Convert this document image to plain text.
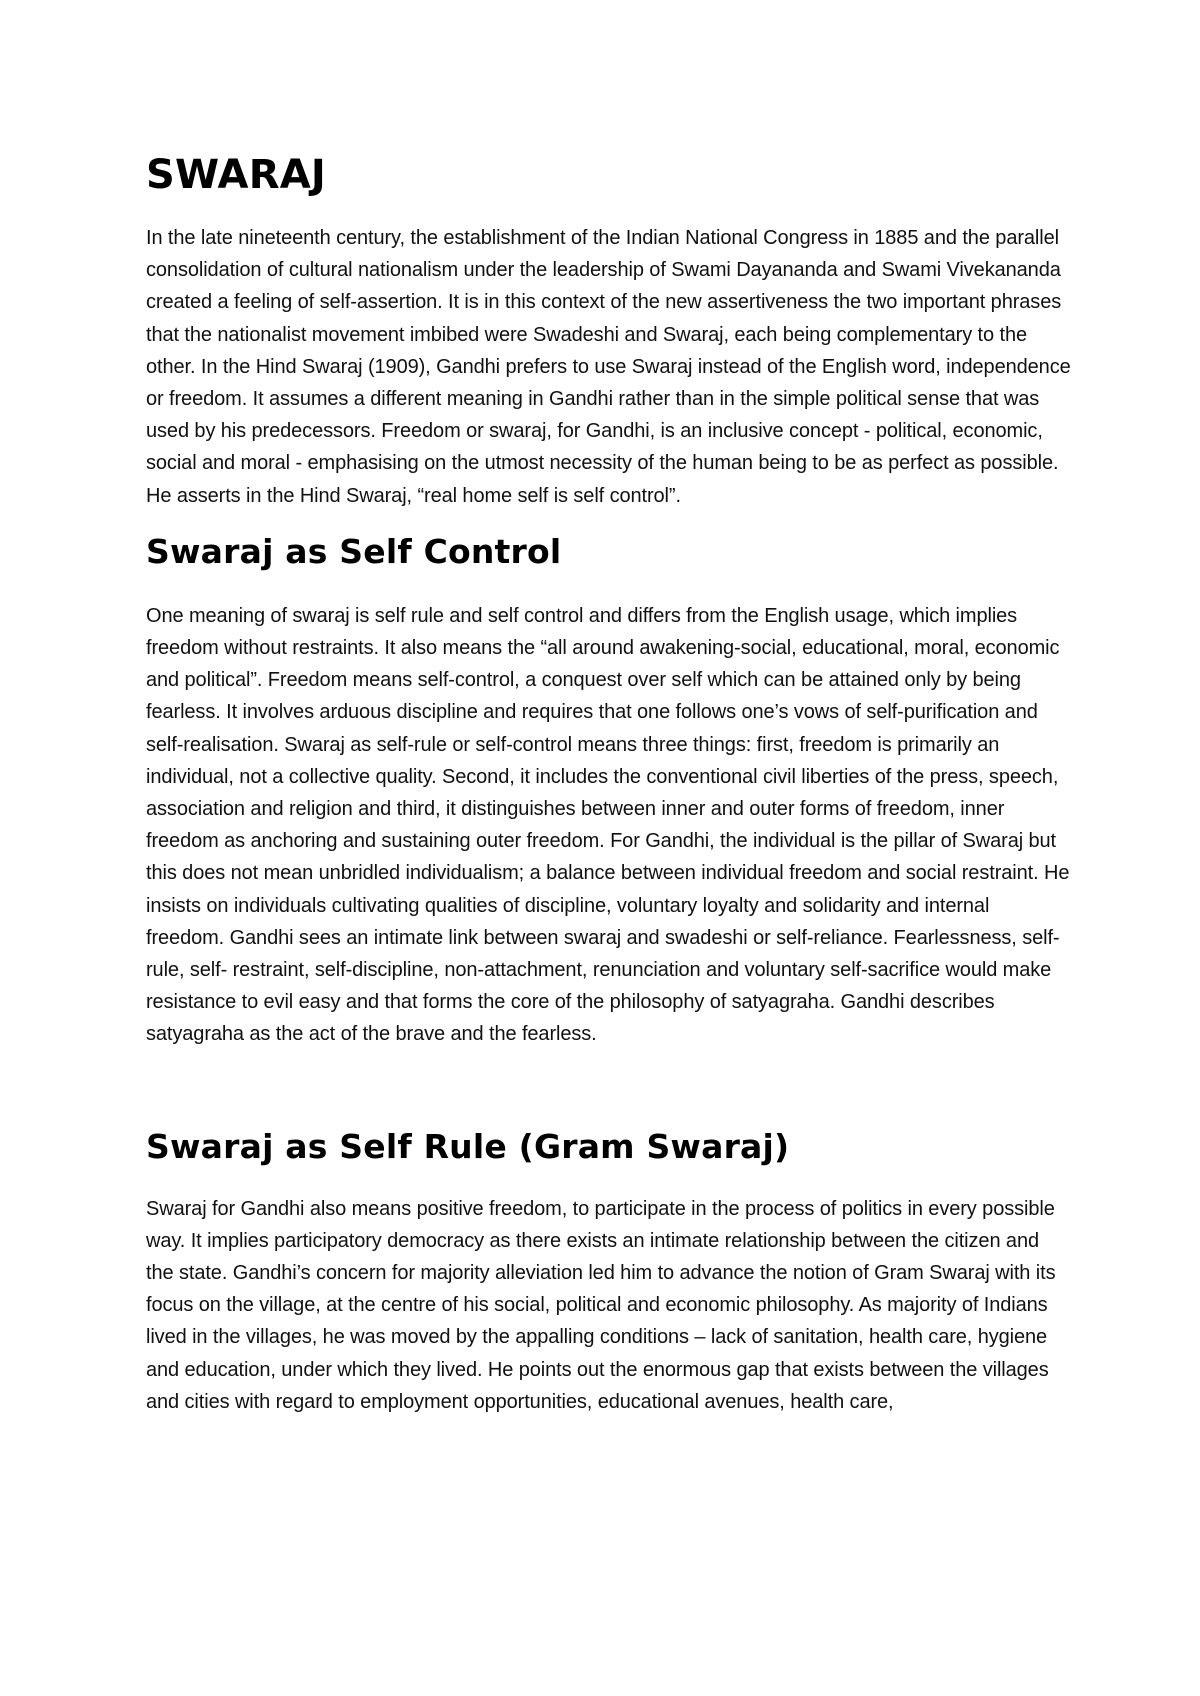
SWARAJ

In the late nineteenth century, the establishment of the Indian National Congress in 1885 and the parallel consolidation of cultural nationalism under the leadership of Swami Dayananda and Swami Vivekananda created a feeling of self-assertion. It is in this context of the new assertiveness the two important phrases that the nationalist movement imbibed were Swadeshi and Swaraj, each being complementary to the other. In the Hind Swaraj (1909), Gandhi prefers to use Swaraj instead of the English word, independence or freedom. It assumes a different meaning in Gandhi rather than in the simple political sense that was used by his predecessors. Freedom or swaraj, for Gandhi, is an inclusive concept - political, economic, social and moral - emphasising on the utmost necessity of the human being to be as perfect as possible. He asserts in the Hind Swaraj, “real home self is self control”.

Swaraj as Self Control

One meaning of swaraj is self rule and self control and differs from the English usage, which implies freedom without restraints. It also means the “all around awakening-social, educational, moral, economic and political”. Freedom means self-control, a conquest over self which can be attained only by being fearless. It involves arduous discipline and requires that one follows one’s vows of self-purification and self-realisation. Swaraj as self-rule or self-control means three things: first, freedom is primarily an individual, not a collective quality. Second, it includes the conventional civil liberties of the press, speech, association and religion and third, it distinguishes between inner and outer forms of freedom, inner freedom as anchoring and sustaining outer freedom. For Gandhi, the individual is the pillar of Swaraj but this does not mean unbridled individualism; a balance between individual freedom and social restraint. He insists on individuals cultivating qualities of discipline, voluntary loyalty and solidarity and internal freedom. Gandhi sees an intimate link between swaraj and swadeshi or self-reliance. Fearlessness, self-rule, self- restraint, self-discipline, non-attachment, renunciation and voluntary self-sacrifice would make resistance to evil easy and that forms the core of the philosophy of satyagraha. Gandhi describes satyagraha as the act of the brave and the fearless.

Swaraj as Self Rule (Gram Swaraj)

Swaraj for Gandhi also means positive freedom, to participate in the process of politics in every possible way. It implies participatory democracy as there exists an intimate relationship between the citizen and the state. Gandhi’s concern for majority alleviation led him to advance the notion of Gram Swaraj with its focus on the village, at the centre of his social, political and economic philosophy. As majority of Indians lived in the villages, he was moved by the appalling conditions – lack of sanitation, health care, hygiene and education, under which they lived. He points out the enormous gap that exists between the villages and cities with regard to employment opportunities, educational avenues, health care,
